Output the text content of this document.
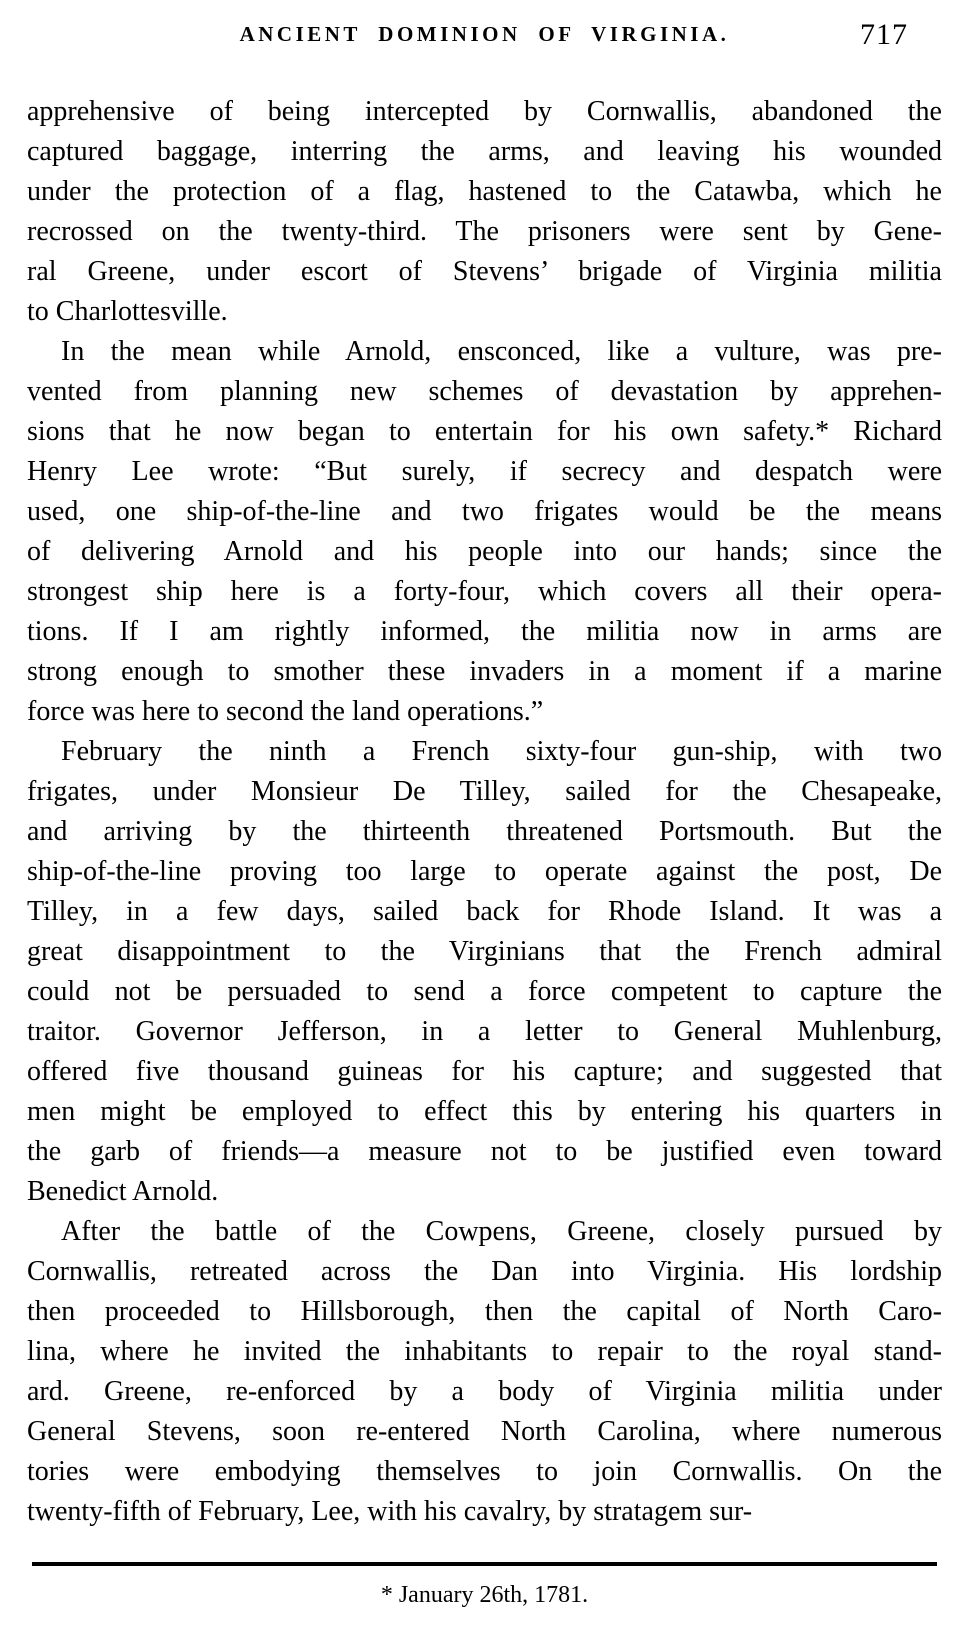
ANCIENT DOMINION OF VIRGINIA.	717
apprehensive of being intercepted by Cornwallis, abandoned the
captured baggage, interring the arms, and leaving his wounded
under the protection of a flag, hastened to the Catawba, which he
recrossed on the twenty-third. The prisoners were sent by Gene-
ral Greene, under escort of Stevens’ brigade of Virginia militia
to Charlottesville.
In the mean while Arnold, ensconced, like a vulture, was pre-
vented from planning new schemes of devastation by apprehen-
sions that he now began to entertain for his own safety.* Richard
Henry Lee wrote: “But surely, if secrecy and despatch were
used, one ship-of-the-line and two frigates would be the means
of delivering Arnold and his people into our hands; since the
strongest ship here is a forty-four, which covers all their opera-
tions. If I am rightly informed, the militia now in arms are
strong enough to smother these invaders in a moment if a marine
force was here to second the land operations.”
February the ninth a French sixty-four gun-ship, with two
frigates, under Monsieur De Tilley, sailed for the Chesapeake,
and arriving by the thirteenth threatened Portsmouth. But the
ship-of-the-line proving too large to operate against the post, De
Tilley, in a few days, sailed back for Rhode Island. It was a
great disappointment to the Virginians that the French admiral
could not be persuaded to send a force competent to capture the
traitor. Governor Jefferson, in a letter to General Muhlenburg,
offered five thousand guineas for his capture; and suggested that
men might be employed to effect this by entering his quarters in
the garb of friends—a measure not to be justified even toward
Benedict Arnold.
After the battle of the Cowpens, Greene, closely pursued by
Cornwallis, retreated across the Dan into Virginia. His lordship
then proceeded to Hillsborough, then the capital of North Caro-
lina, where he invited the inhabitants to repair to the royal stand-
ard. Greene, re-enforced by a body of Virginia militia under
General Stevens, soon re-entered North Carolina, where numerous
tories were embodying themselves to join Cornwallis. On the
twenty-fifth of February, Lee, with his cavalry, by stratagem sur-
* January 26th, 1781.
